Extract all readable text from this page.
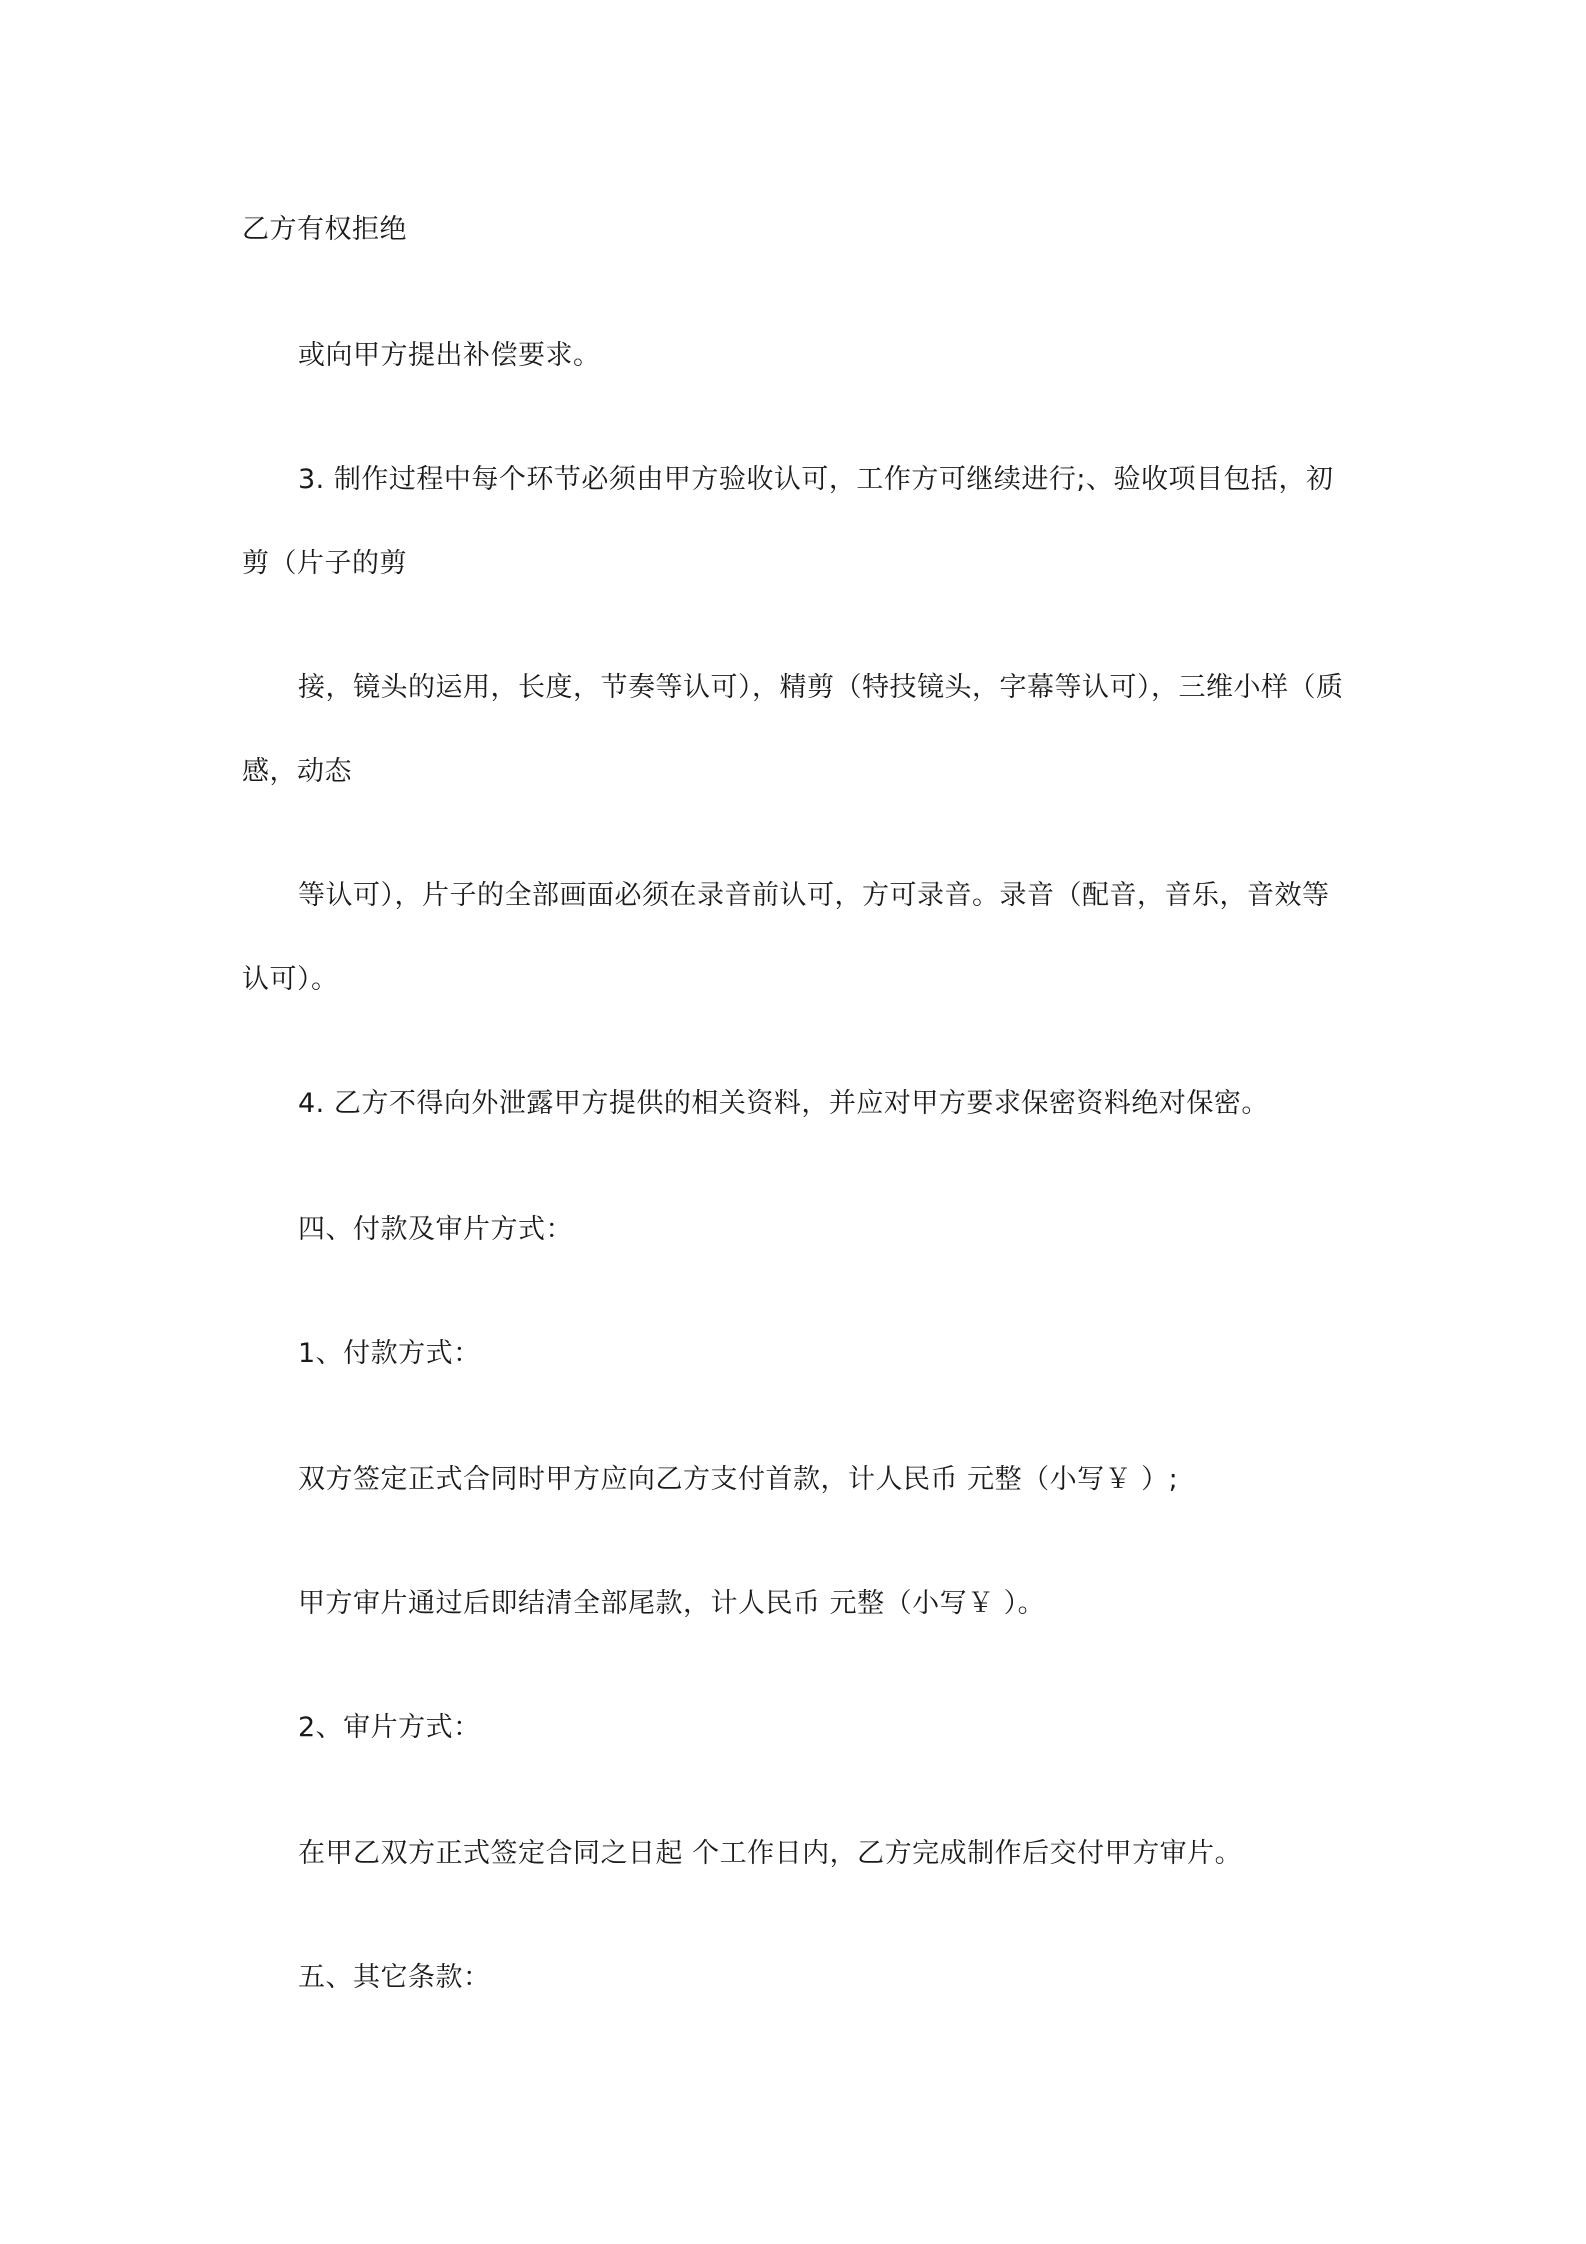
乙方有权拒绝
或向甲方提出补偿要求。
3. 制作过程中每个环节必须由甲方验收认可，工作方可继续进行;、验收项目包括，初
剪（片子的剪
接，镜头的运用，长度，节奏等认可），精剪（特技镜头，字幕等认可），三维小样（质
感，动态
等认可），片子的全部画面必须在录音前认可，方可录音。录音（配音，音乐，音效等
认可）。
4. 乙方不得向外泄露甲方提供的相关资料，并应对甲方要求保密资料绝对保密。
四、付款及审片方式：
1、付款方式：
双方签定正式合同时甲方应向乙方支付首款，计人民币 元整（小写￥ ）;
甲方审片通过后即结清全部尾款，计人民币 元整（小写￥ ）。
2、审片方式：
在甲乙双方正式签定合同之日起 个工作日内，乙方完成制作后交付甲方审片。
五、其它条款：
